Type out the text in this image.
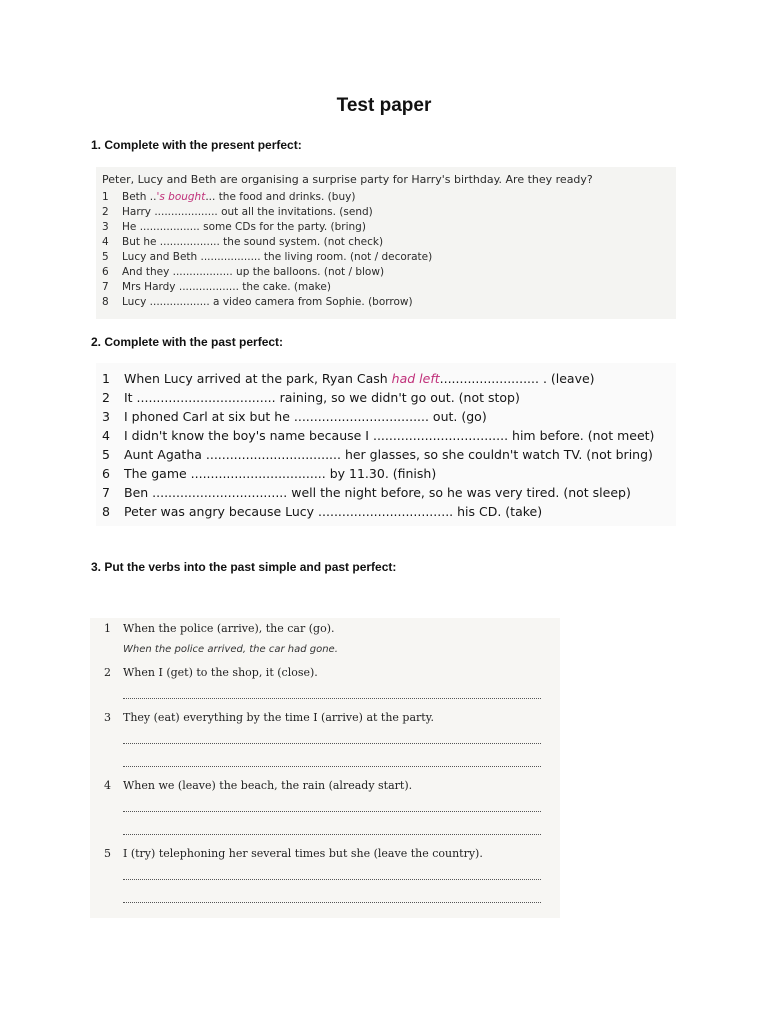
Test paper
1. Complete with the present perfect:
Peter, Lucy and Beth are organising a surprise party for Harry's birthday. Are they ready?
1 Beth ..'s bought... the food and drinks. (buy)
2 Harry ................... out all the invitations. (send)
3 He .................. some CDs for the party. (bring)
4 But he .................. the sound system. (not check)
5 Lucy and Beth .................. the living room. (not / decorate)
6 And they .................. up the balloons. (not / blow)
7 Mrs Hardy .................. the cake. (make)
8 Lucy .................. a video camera from Sophie. (borrow)
2. Complete with the past perfect:
1 When Lucy arrived at the park, Ryan Cash had left......................... . (leave)
2 It ................................... raining, so we didn't go out. (not stop)
3 I phoned Carl at six but he .................................. out. (go)
4 I didn't know the boy's name because I .................................. him before. (not meet)
5 Aunt Agatha .................................. her glasses, so she couldn't watch TV. (not bring)
6 The game .................................. by 11.30. (finish)
7 Ben .................................. well the night before, so he was very tired. (not sleep)
8 Peter was angry because Lucy .................................. his CD. (take)
3. Put the verbs into the past simple and past perfect:
1 When the police (arrive), the car (go).
When the police arrived, the car had gone.
2 When I (get) to the shop, it (close).
3 They (eat) everything by the time I (arrive) at the party.
4 When we (leave) the beach, the rain (already start).
5 I (try) telephoning her several times but she (leave the country).
